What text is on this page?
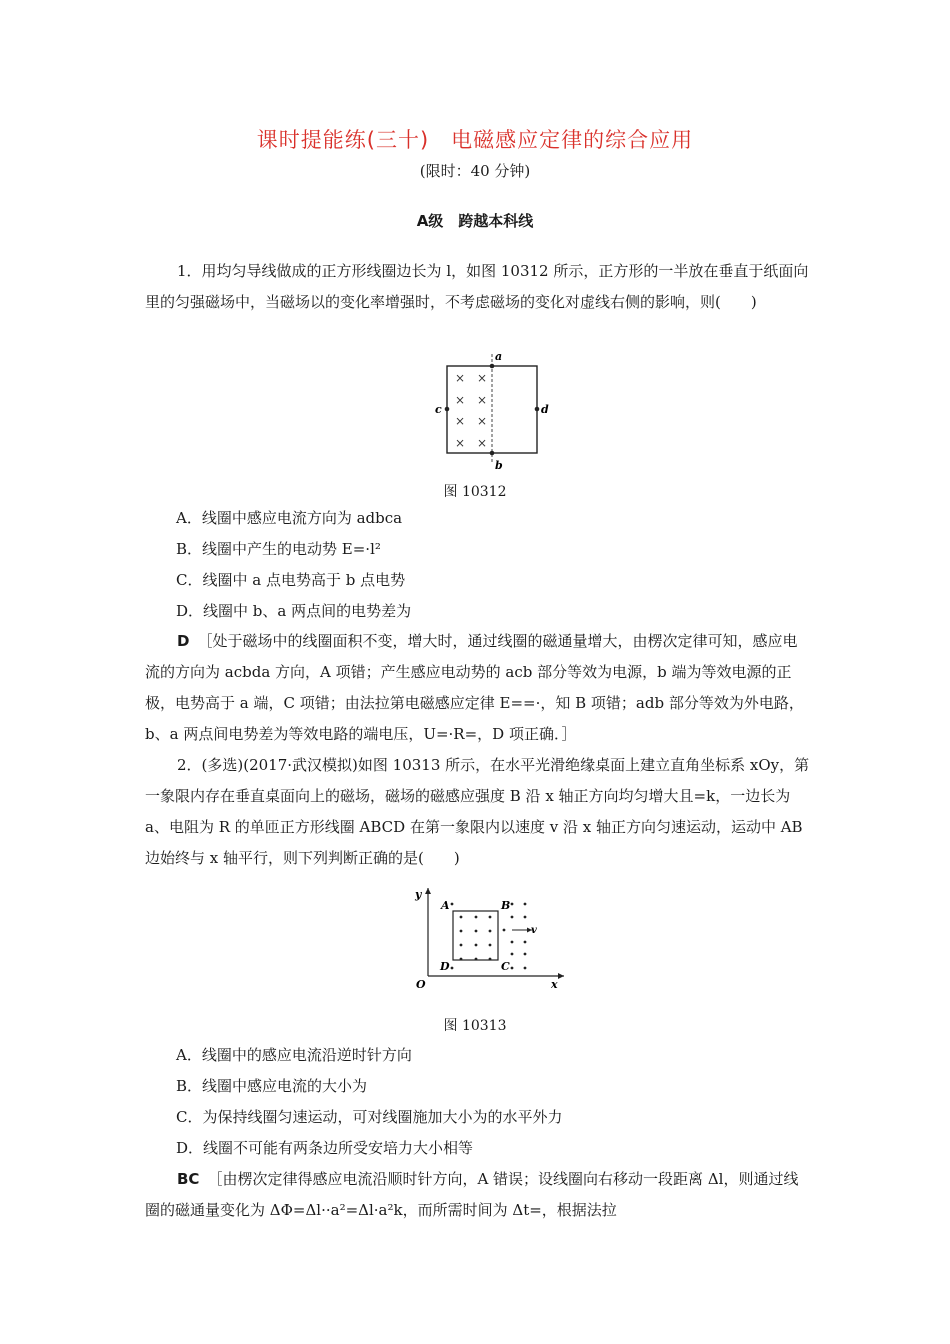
课时提能练(三十)　电磁感应定律的综合应用
(限时：40 分钟)
A级　跨越本科线

1．用均匀导线做成的正方形线圈边长为 l，如图 10312 所示，正方形的一半放在垂直于纸面向里的匀强磁场中，当磁场以的变化率增强时，不考虑磁场的变化对虚线右侧的影响，则(　　)

a
b
c	d
× ×
× ×
× ×
× ×
图 10312
A．线圈中感应电流方向为 adbca
B．线圈中产生的电动势 E=·l²
C．线圈中 a 点电势高于 b 点电势
D．线圈中 b、a 两点间的电势差为

D ［处于磁场中的线圈面积不变，增大时，通过线圈的磁通量增大，由楞次定律可知，感应电流的方向为 acbda 方向，A 项错；产生感应电动势的 acb 部分等效为电源，b 端为等效电源的正极，电势高于 a 端，C 项错；由法拉第电磁感应定律 E==·，知 B 项错；adb 部分等效为外电路，b、a 两点间电势差为等效电路的端电压，U=·R=，D 项正确．］

2．(多选)(2017·武汉模拟)如图 10313 所示，在水平光滑绝缘桌面上建立直角坐标系 xOy，第一象限内存在垂直桌面向上的磁场，磁场的磁感应强度 B 沿 x 轴正方向均匀增大且=k，一边长为 a、电阻为 R 的单匝正方形线圈 ABCD 在第一象限内以速度 v 沿 x 轴正方向匀速运动，运动中 AB 边始终与 x 轴平行，则下列判断正确的是(　　)

y
x
O
A	B
C
D
v
图 10313
A．线圈中的感应电流沿逆时针方向
B．线圈中感应电流的大小为
C．为保持线圈匀速运动，可对线圈施加大小为的水平外力
D．线圈不可能有两条边所受安培力大小相等

BC ［由楞次定律得感应电流沿顺时针方向，A 错误；设线圈向右移动一段距离 Δl，则通过线圈的磁通量变化为 ΔΦ=Δl··a²=Δl·a²k，而所需时间为 Δt=，根据法拉
